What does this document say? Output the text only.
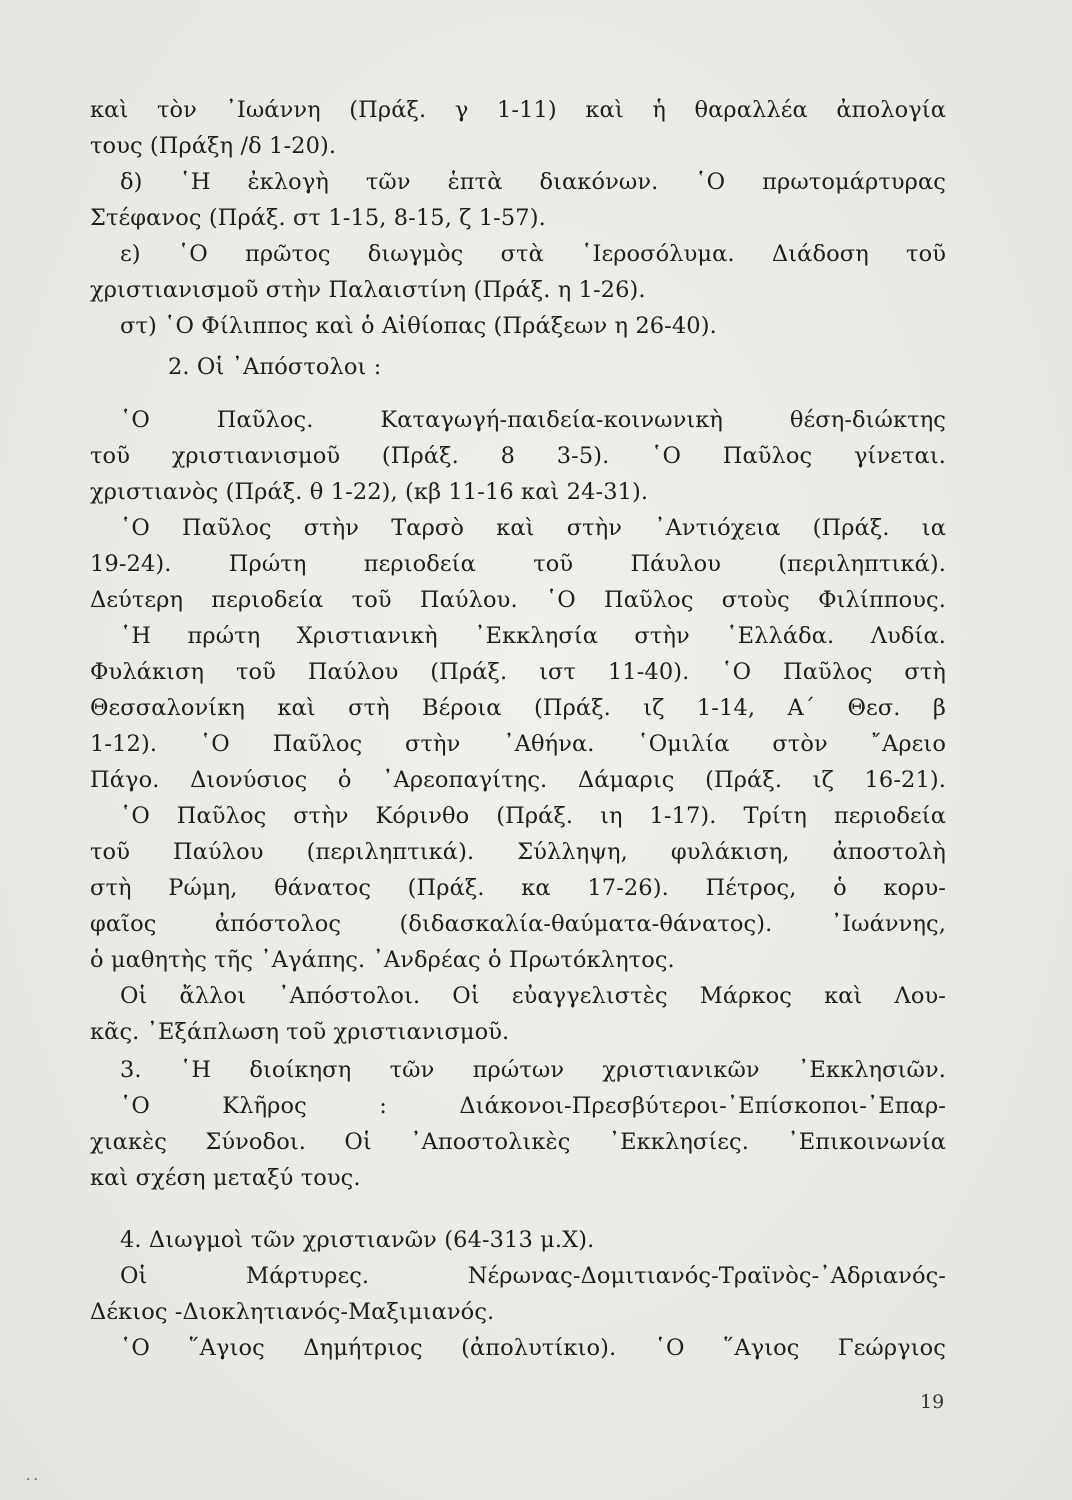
καὶ τὸν ᾿Ιωάννη (Πράξ. γ 1-11) καὶ ἡ θαραλλέα ἀπολογία
τους (Πράξη /δ 1-20).
δ) ῾Η ἐκλογὴ τῶν ἑπτὰ διακόνων. ῾Ο πρωτομάρτυρας
Στέφανος (Πράξ. στ 1-15, 8-15, ζ 1-57).
ε) ῾Ο πρῶτος διωγμὸς στὰ ῾Ιεροσόλυμα. Διάδοση τοῦ
χριστιανισμοῦ στὴν Παλαιστίνη (Πράξ. η 1-26).
στ) ῾Ο Φίλιππος καὶ ὁ Αἰθίοπας (Πράξεων η 26-40).
2. Οἱ ᾿Απόστολοι :
῾Ο Παῦλος. Καταγωγή-παιδεία-κοινωνικὴ θέση-διώκτης
τοῦ χριστιανισμοῦ (Πράξ. 8 3-5). ῾Ο Παῦλος γίνεται.
χριστιανὸς (Πράξ. θ 1-22), (κβ 11-16 καὶ 24-31).
῾Ο Παῦλος στὴν Ταρσὸ καὶ στὴν ᾿Αντιόχεια (Πράξ. ια
19-24). Πρώτη περιοδεία τοῦ Πάυλου (περιληπτικά).
Δεύτερη περιοδεία τοῦ Παύλου. ῾Ο Παῦλος στοὺς Φιλίππους.
῾Η πρώτη Χριστιανικὴ ᾿Εκκλησία στὴν ῾Ελλάδα. Λυδία.
Φυλάκιση τοῦ Παύλου (Πράξ. ιστ 11-40). ῾Ο Παῦλος στὴ
Θεσσαλονίκη καὶ στὴ Βέροια (Πράξ. ιζ 1-14, Α΄ Θεσ. β
1-12). ῾Ο Παῦλος στὴν ᾿Αθήνα. ῾Ομιλία στὸν ῎Αρειο
Πάγο. Διονύσιος ὁ ᾿Αρεοπαγίτης. Δάμαρις (Πράξ. ιζ 16-21).
῾Ο Παῦλος στὴν Κόρινθο (Πράξ. ιη 1-17). Τρίτη περιοδεία
τοῦ Παύλου (περιληπτικά). Σύλληψη, φυλάκιση, ἀποστολὴ
στὴ Ρώμη, θάνατος (Πράξ. κα 17-26). Πέτρος, ὁ κορυ-
φαῖος ἀπόστολος (διδασκαλία-θαύματα-θάνατος). ᾿Ιωάννης,
ὁ μαθητὴς τῆς ᾿Αγάπης. ᾿Ανδρέας ὁ Πρωτόκλητος.
Οἱ ἄλλοι ᾿Απόστολοι. Οἱ εὐαγγελιστὲς Μάρκος καὶ Λου-
κᾶς. ᾿Εξάπλωση τοῦ χριστιανισμοῦ.
3. ῾Η διοίκηση τῶν πρώτων χριστιανικῶν ᾿Εκκλησιῶν.
῾Ο Κλῆρος : Διάκονοι-Πρεσβύτεροι-᾿Επίσκοποι-᾿Επαρ-
χιακὲς Σύνοδοι. Οἱ ᾿Αποστολικὲς ᾿Εκκλησίες. ᾿Επικοινωνία
καὶ σχέση μεταξύ τους.
4. Διωγμοὶ τῶν χριστιανῶν (64-313 μ.Χ).
Οἱ Μάρτυρες. Νέρωνας-Δομιτιανός-Τραϊνὸς-᾿Αδριανός-
Δέκιος -Διοκλητιανός-Μαξιμιανός.
῾Ο ῞Αγιος Δημήτριος (ἀπολυτίκιο). ῾Ο ῞Αγιος Γεώργιος
19
··
